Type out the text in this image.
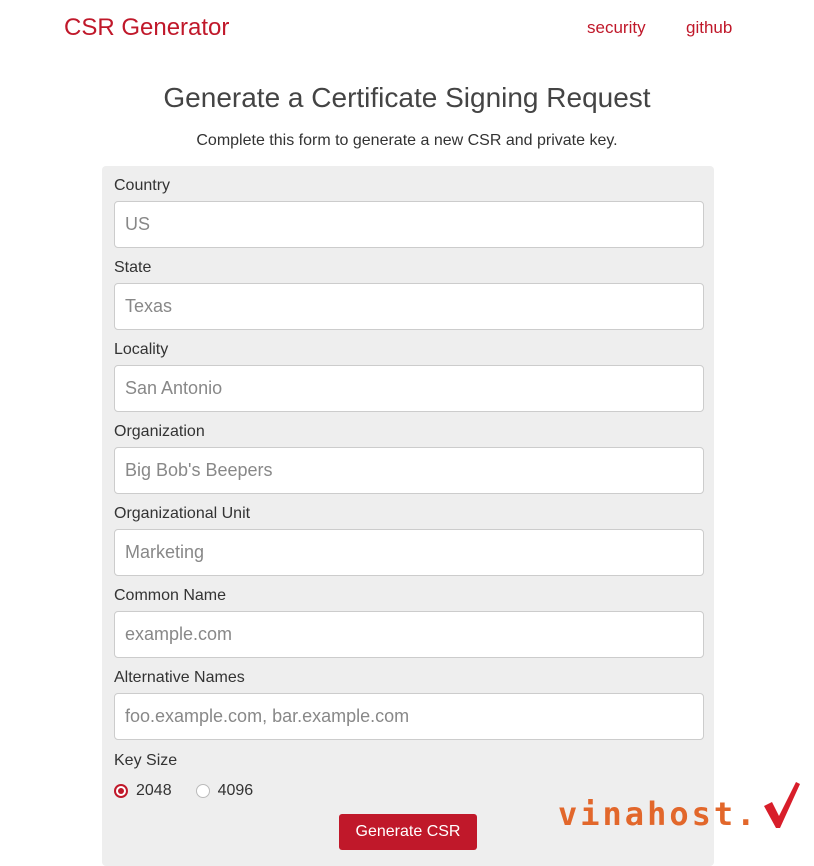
CSR Generator	security github
Generate a Certificate Signing Request

Complete this form to generate a new CSR and private key.

Country
US
State
Texas
Locality
San Antonio
Organization
Big Bob's Beepers
Organizational Unit
Marketing
Common Name
example.com
Alternative Names
foo.example.com, bar.example.com
Key Size
2048	4096
Generate CSR	vinahost.
